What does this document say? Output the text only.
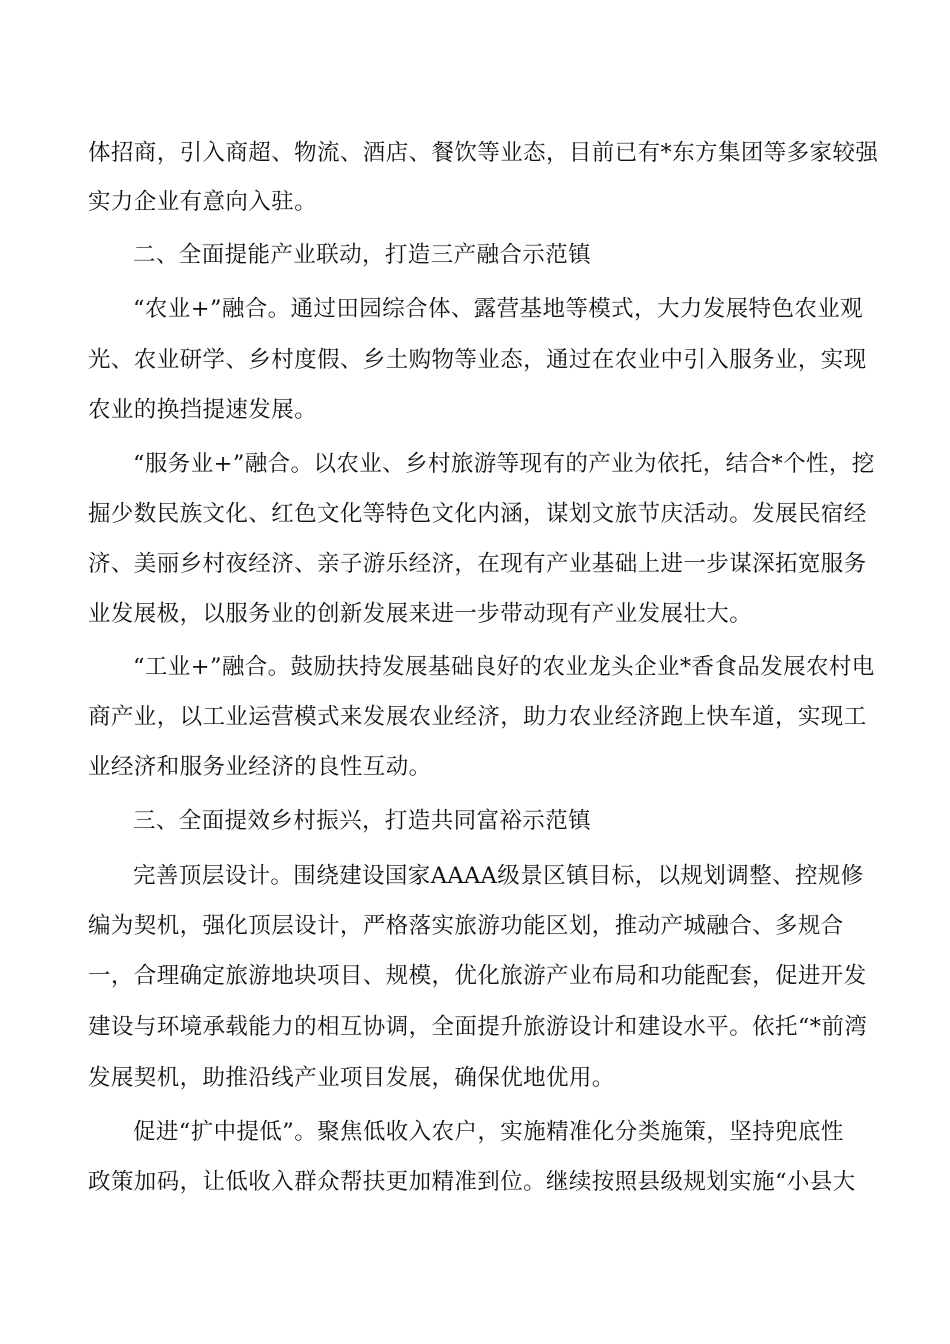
体招商，引入商超、物流、酒店、餐饮等业态，目前已有*东方集团等多家较强
实力企业有意向入驻。
二、全面提能产业联动，打造三产融合示范镇
“农业+”融合。通过田园综合体、露营基地等模式，大力发展特色农业观
光、农业研学、乡村度假、乡土购物等业态，通过在农业中引入服务业，实现
农业的换挡提速发展。
“服务业+”融合。以农业、乡村旅游等现有的产业为依托，结合*个性，挖
掘少数民族文化、红色文化等特色文化内涵，谋划文旅节庆活动。发展民宿经
济、美丽乡村夜经济、亲子游乐经济，在现有产业基础上进一步谋深拓宽服务
业发展极，以服务业的创新发展来进一步带动现有产业发展壮大。
“工业+”融合。鼓励扶持发展基础良好的农业龙头企业*香食品发展农村电
商产业，以工业运营模式来发展农业经济，助力农业经济跑上快车道，实现工
业经济和服务业经济的良性互动。
三、全面提效乡村振兴，打造共同富裕示范镇
完善顶层设计。围绕建设国家AAAA级景区镇目标，以规划调整、控规修
编为契机，强化顶层设计，严格落实旅游功能区划，推动产城融合、多规合
一，合理确定旅游地块项目、规模，优化旅游产业布局和功能配套，促进开发
建设与环境承载能力的相互协调，全面提升旅游设计和建设水平。依托“*前湾
发展契机，助推沿线产业项目发展，确保优地优用。
促进“扩中提低”。聚焦低收入农户，实施精准化分类施策，坚持兜底性
政策加码，让低收入群众帮扶更加精准到位。继续按照县级规划实施“小县大
